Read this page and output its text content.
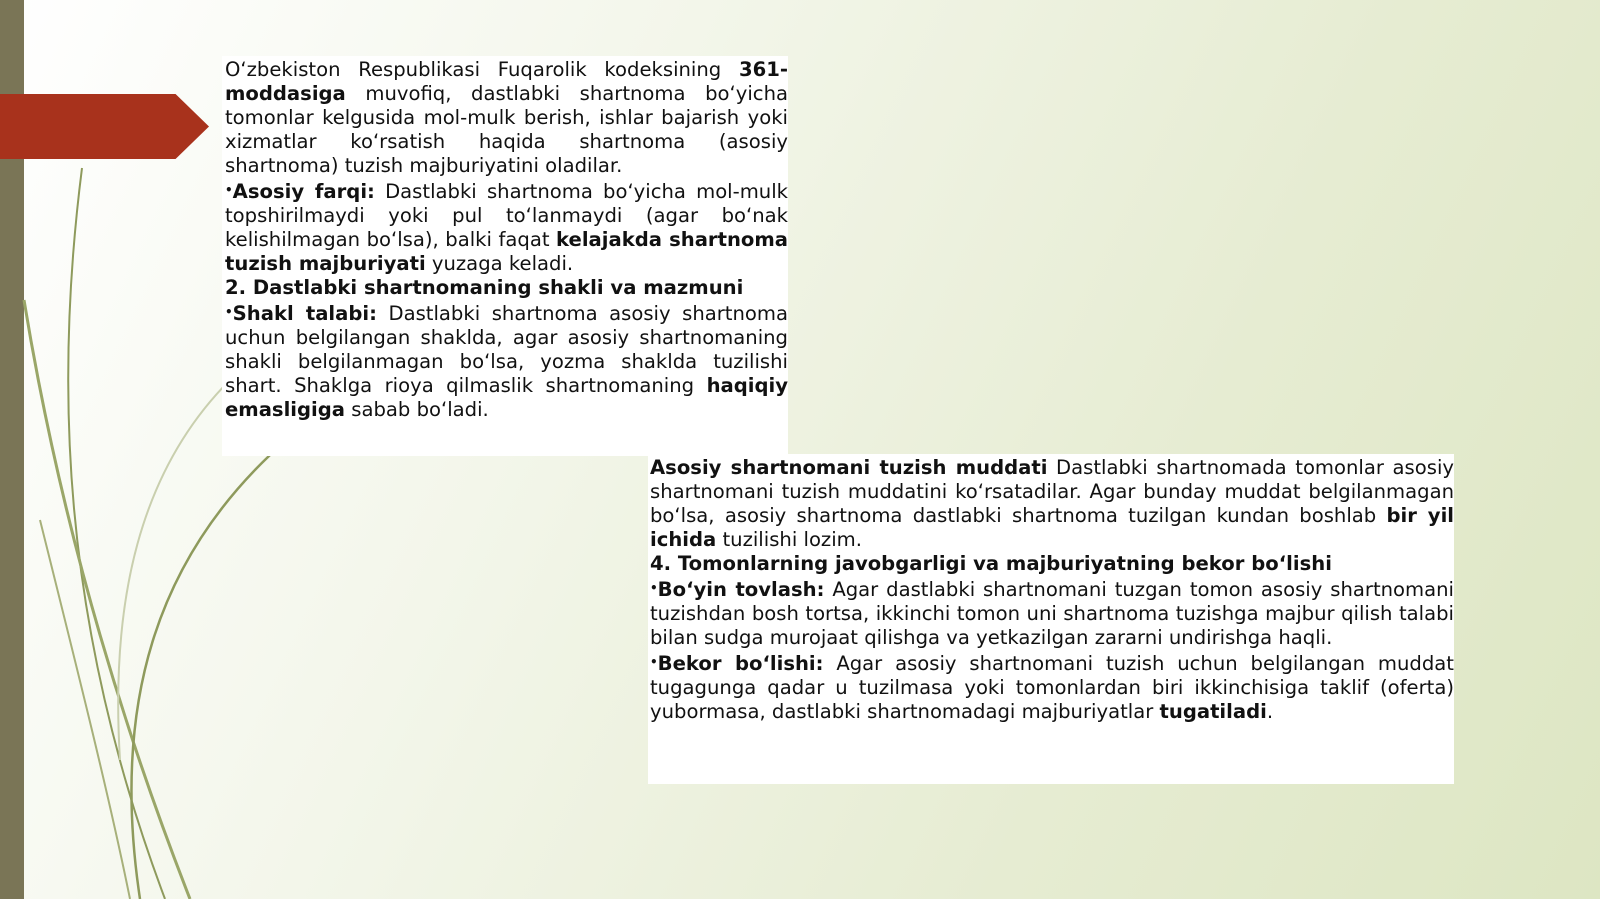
O‘zbekiston Respublikasi Fuqarolik kodeksining 361-moddasiga muvofiq, dastlabki shartnoma bo‘yicha tomonlar kelgusida mol-mulk berish, ishlar bajarish yoki xizmatlar ko‘rsatish haqida shartnoma (asosiy shartnoma) tuzish majburiyatini oladilar.

•Asosiy farqi: Dastlabki shartnoma bo‘yicha mol-mulk topshirilmaydi yoki pul to‘lanmaydi (agar bo‘nak kelishilmagan bo‘lsa), balki faqat kelajakda shartnoma tuzish majburiyati yuzaga keladi.

2. Dastlabki shartnomaning shakli va mazmuni

•Shakl talabi: Dastlabki shartnoma asosiy shartnoma uchun belgilangan shaklda, agar asosiy shartnomaning shakli belgilanmagan bo‘lsa, yozma shaklda tuzilishi shart. Shaklga rioya qilmaslik shartnomaning haqiqiy emasligiga sabab bo‘ladi.

Asosiy shartnomani tuzish muddati Dastlabki shartnomada tomonlar asosiy shartnomani tuzish muddatini ko‘rsatadilar. Agar bunday muddat belgilanmagan bo‘lsa, asosiy shartnoma dastlabki shartnoma tuzilgan kundan boshlab bir yil ichida tuzilishi lozim.

4. Tomonlarning javobgarligi va majburiyatning bekor bo‘lishi

•Bo‘yin tovlash: Agar dastlabki shartnomani tuzgan tomon asosiy shartnomani tuzishdan bosh tortsa, ikkinchi tomon uni shartnoma tuzishga majbur qilish talabi bilan sudga murojaat qilishga va yetkazilgan zararni undirishga haqli.

•Bekor bo‘lishi: Agar asosiy shartnomani tuzish uchun belgilangan muddat tugagunga qadar u tuzilmasa yoki tomonlardan biri ikkinchisiga taklif (oferta) yubormasa, dastlabki shartnomadagi majburiyatlar tugatiladi.
